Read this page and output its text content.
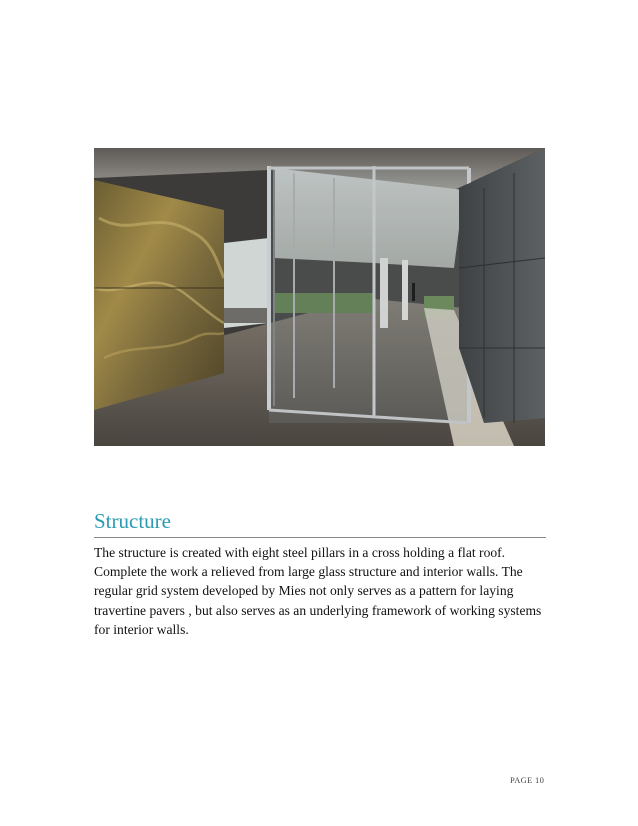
Structure

The structure is created with eight steel pillars in a cross holding a flat roof. Complete the work a relieved from large glass structure and interior walls. The regular grid system developed by Mies not only serves as a pattern for laying travertine pavers , but also serves as an underlying framework of working systems for interior walls.

PAGE 10
